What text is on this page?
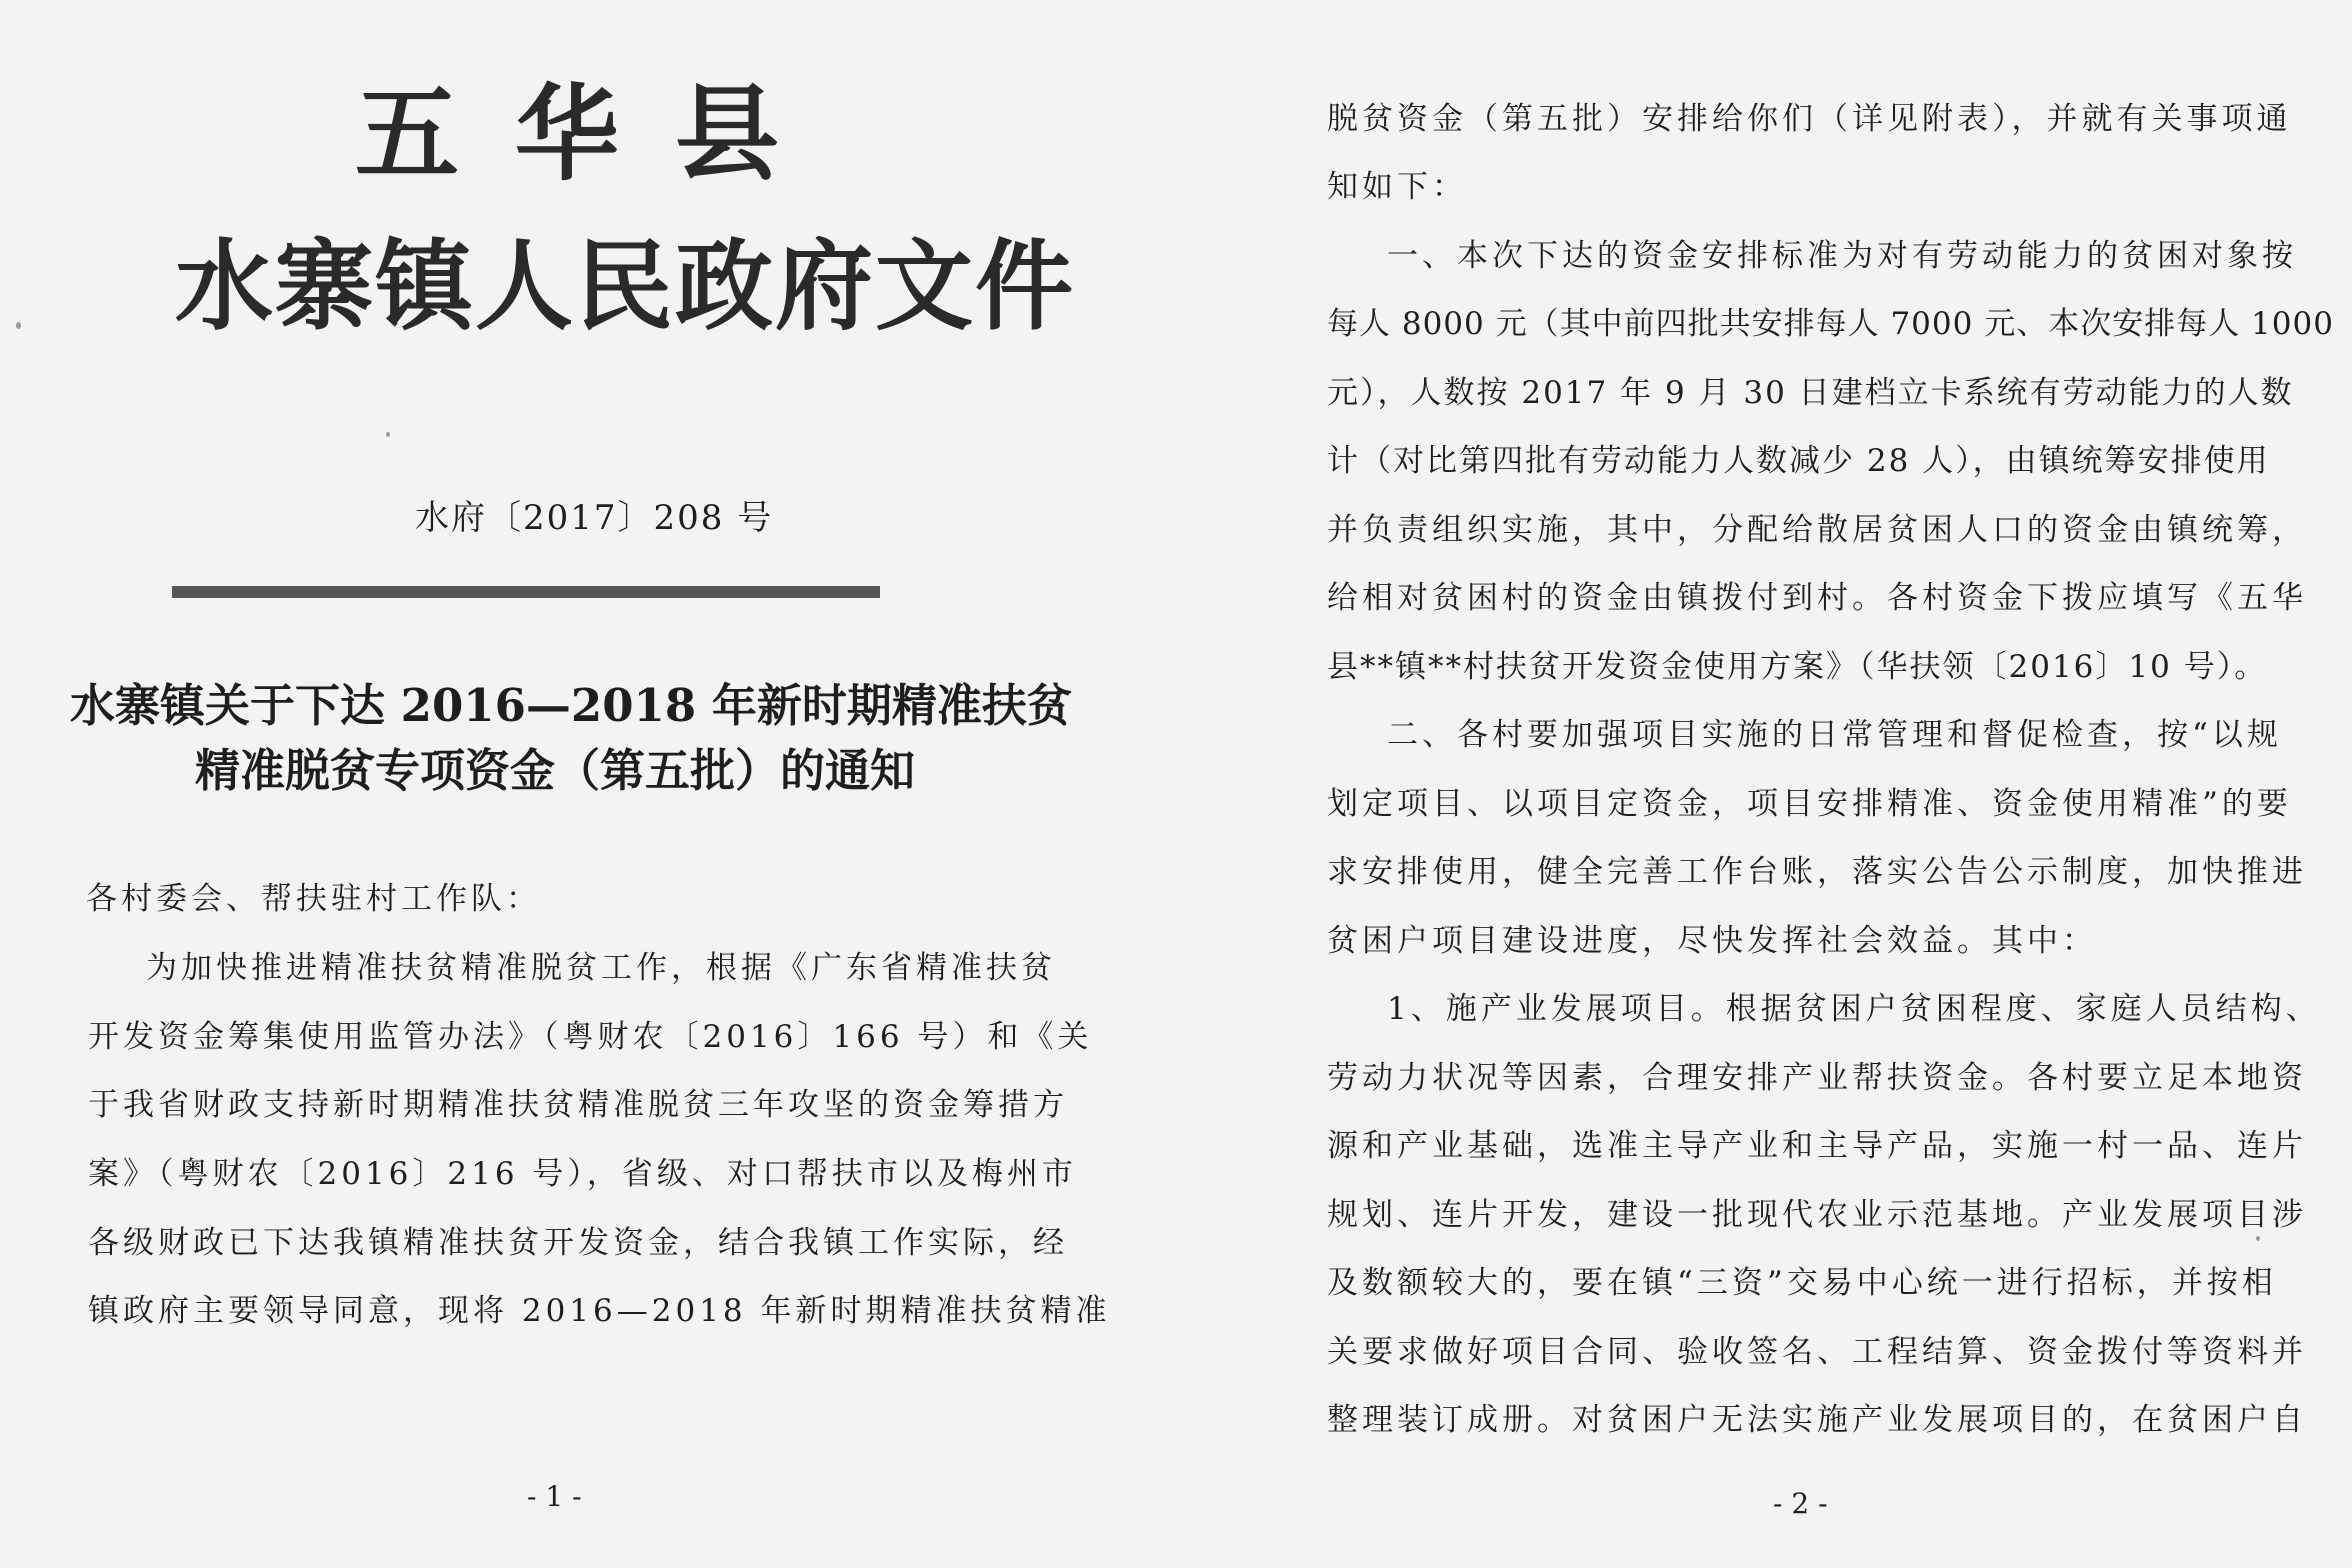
五华县
水寨镇人民政府文件
水府〔2017〕208 号
水寨镇关于下达 2016—2018 年新时期精准扶贫
精准脱贫专项资金（第五批）的通知
各村委会、帮扶驻村工作队：
为加快推进精准扶贫精准脱贫工作，根据《广东省精准扶贫
开发资金筹集使用监管办法》（粤财农〔2016〕166 号）和《关
于我省财政支持新时期精准扶贫精准脱贫三年攻坚的资金筹措方
案》（粤财农〔2016〕216 号），省级、对口帮扶市以及梅州市
各级财政已下达我镇精准扶贫开发资金，结合我镇工作实际，经
镇政府主要领导同意，现将 2016—2018 年新时期精准扶贫精准
- 1 -
脱贫资金（第五批）安排给你们（详见附表），并就有关事项通
知如下：
一、本次下达的资金安排标准为对有劳动能力的贫困对象按
每人 8000 元（其中前四批共安排每人 7000 元、本次安排每人 1000
元），人数按 2017 年 9 月 30 日建档立卡系统有劳动能力的人数
计（对比第四批有劳动能力人数减少 28 人），由镇统筹安排使用
并负责组织实施，其中，分配给散居贫困人口的资金由镇统筹，
给相对贫困村的资金由镇拨付到村。各村资金下拨应填写《五华
县**镇**村扶贫开发资金使用方案》（华扶领〔2016〕10 号）。
二、各村要加强项目实施的日常管理和督促检查，按“以规
划定项目、以项目定资金，项目安排精准、资金使用精准”的要
求安排使用，健全完善工作台账，落实公告公示制度，加快推进
贫困户项目建设进度，尽快发挥社会效益。其中：
1、施产业发展项目。根据贫困户贫困程度、家庭人员结构、
劳动力状况等因素，合理安排产业帮扶资金。各村要立足本地资
源和产业基础，选准主导产业和主导产品，实施一村一品、连片
规划、连片开发，建设一批现代农业示范基地。产业发展项目涉
及数额较大的，要在镇“三资”交易中心统一进行招标，并按相
关要求做好项目合同、验收签名、工程结算、资金拨付等资料并
整理装订成册。对贫困户无法实施产业发展项目的，在贫困户自
- 2 -
